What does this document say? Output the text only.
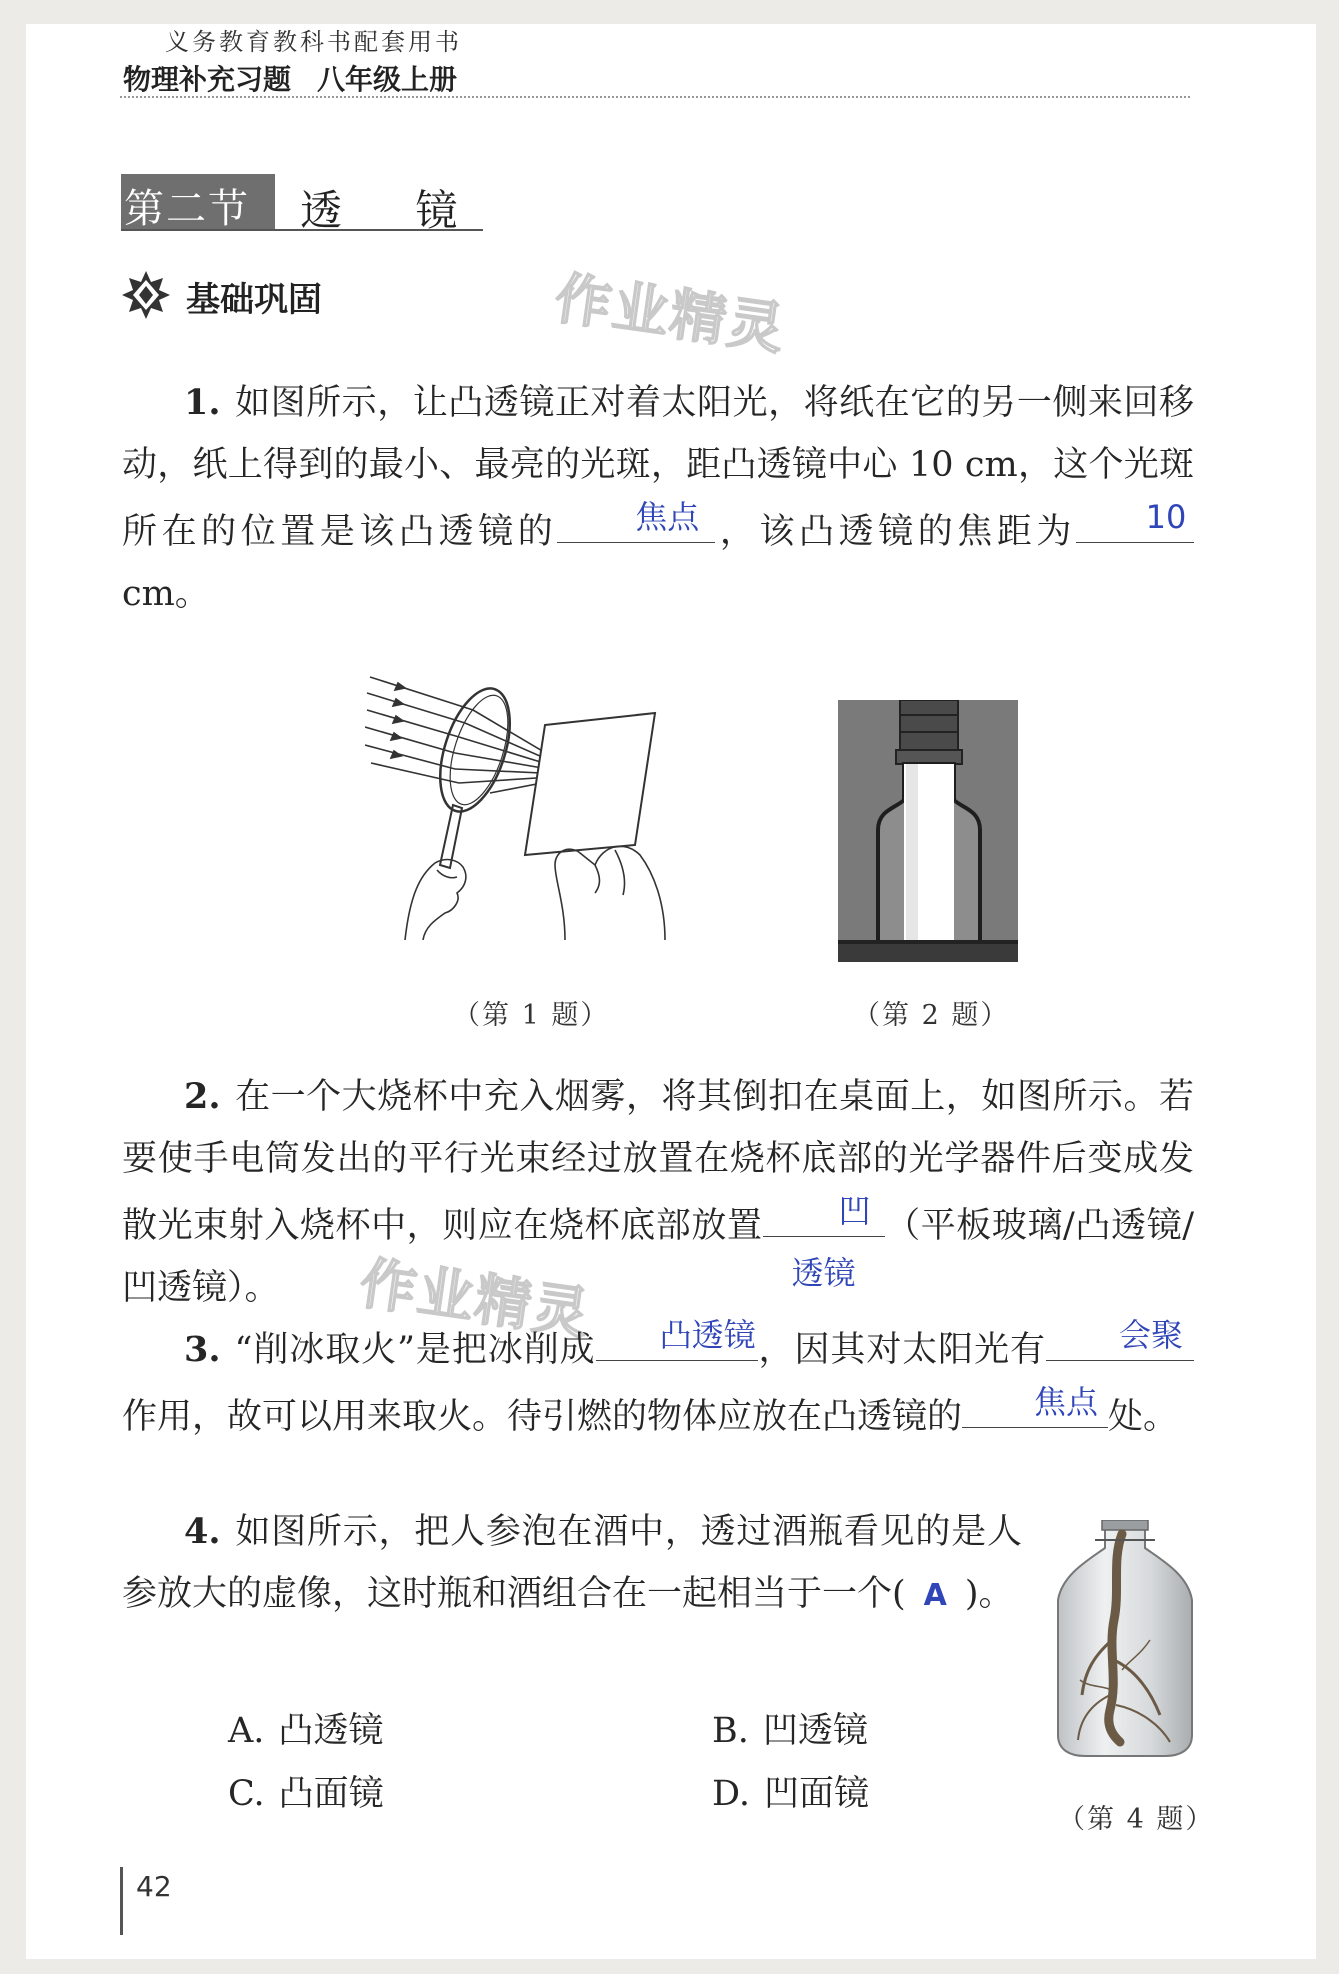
义务教育教科书配套用书
物理补充习题 八年级上册
第二节 透 镜
基础巩固	作业精灵
作业精灵
1. 如图所示，让凸透镜正对着太阳光，将纸在它的另一侧来回移动，纸上得到的最小、最亮的光斑，距凸透镜中心 10 cm，这个光斑所在的位置是该凸透镜的	焦点 ，该凸透镜的焦距为	10
cm。
（第 1 题）	（第 2 题）
2. 在一个大烧杯中充入烟雾，将其倒扣在桌面上，如图所示。若要使手电筒发出的平行光束经过放置在烧杯底部的光学器件后变成发散光束射入烧杯中，则应在烧杯底部放置	凹透镜
（平板玻璃/凸透镜/凹透镜）。
3. “削冰取火”是把冰削成	凸透镜 ，因其对太阳光有	会聚
作用，故可以用来取火。待引燃的物体应放在凸透镜的	焦点 处。
4. 如图所示，把人参泡在酒中，透过酒瓶看见的是人参放大的虚像，这时瓶和酒组合在一起相当于一个( A )。
A. 凸透镜	B. 凹透镜
C. 凸面镜	D. 凹面镜
（第 4 题）
42
